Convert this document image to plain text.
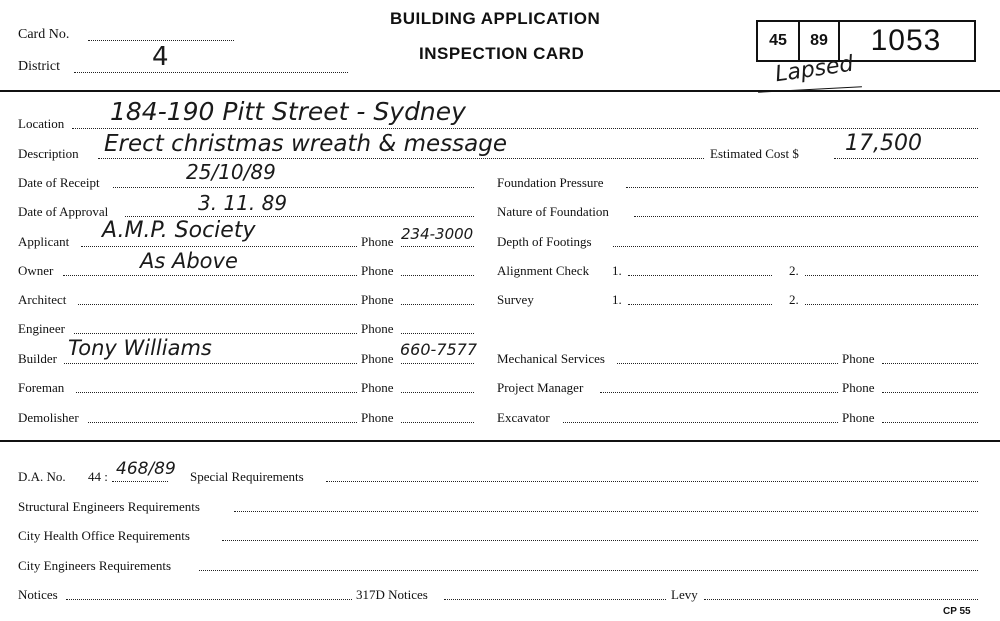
Card No.
District	4
BUILDING APPLICATION
INSPECTION CARD
45	89	1053
Lapsed
Location 184-190 Pitt Street - Sydney
Description Erect christmas wreath & message	Estimated Cost $ 17,500
Date of Receipt	25/10/89
Date of Approval	3. 11. 89
Applicant A.M.P. Society	Phone 234-3000
Owner	As Above	Phone
Architect	Phone
Engineer	Phone
Builder Tony Williams	Phone 660-7577
Foreman	Phone
Demolisher	Phone
Foundation Pressure
Nature of Foundation
Depth of Footings
Alignment Check 1.	2.
Survey	1.	2.
Mechanical Services	Phone
Project Manager	Phone
Excavator	Phone
D.A. No. 44 : 468/89 Special Requirements
Structural Engineers Requirements
City Health Office Requirements
City Engineers Requirements
Notices	317D Notices	Levy
CP 55
